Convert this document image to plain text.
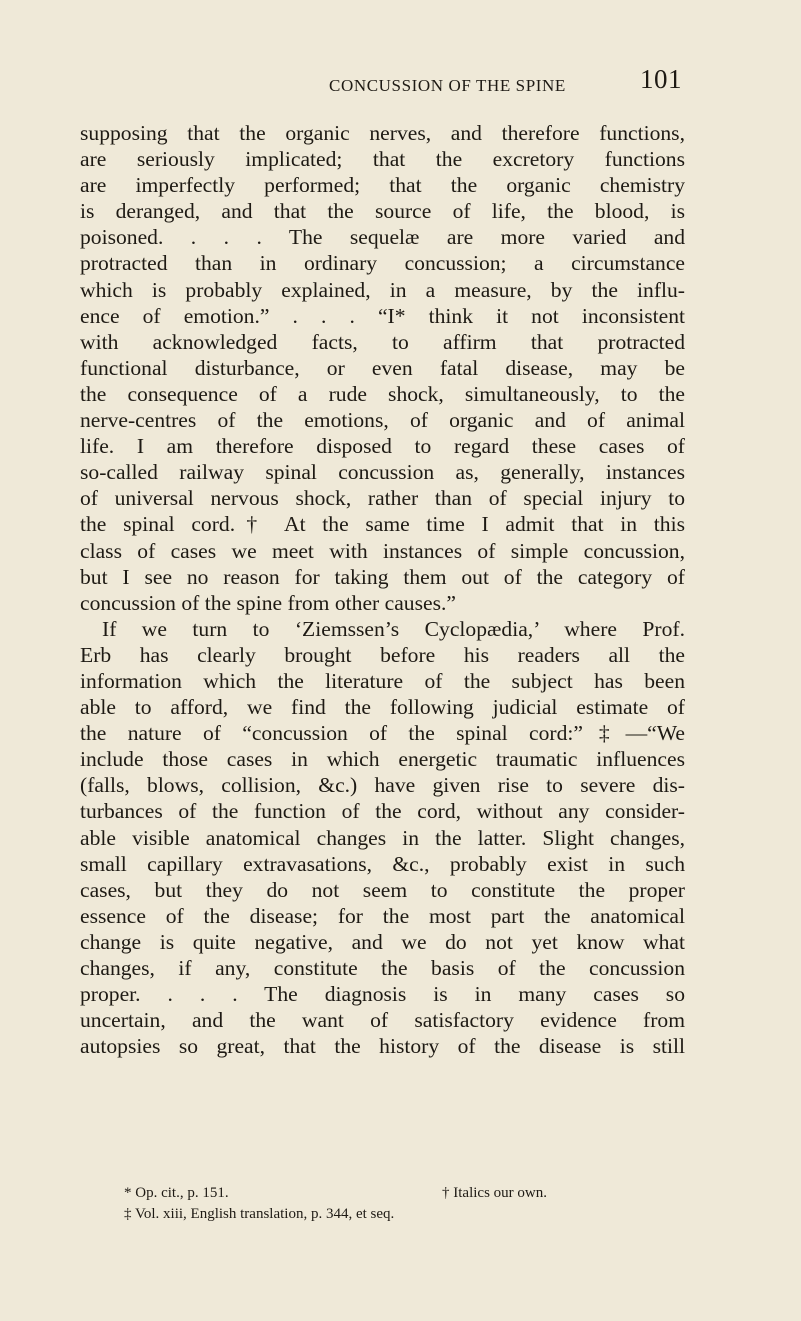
CONCUSSION OF THE SPINE	101
supposing that the organic nerves, and therefore functions,
are seriously implicated; that the excretory functions
are imperfectly performed; that the organic chemistry
is deranged, and that the source of life, the blood, is
poisoned. . . . The sequelæ are more varied and
protracted than in ordinary concussion; a circumstance
which is probably explained, in a measure, by the influ-
ence of emotion.” . . . “I* think it not inconsistent
with acknowledged facts, to affirm that protracted
functional disturbance, or even fatal disease, may be
the consequence of a rude shock, simultaneously, to the
nerve-centres of the emotions, of organic and of animal
life. I am therefore disposed to regard these cases of
so-called railway spinal concussion as, generally, instances
of universal nervous shock, rather than of special injury to
the spinal cord.† At the same time I admit that in this
class of cases we meet with instances of simple concussion,
but I see no reason for taking them out of the category of
concussion of the spine from other causes.”
If we turn to ‘Ziemssen’s Cyclopædia,’ where Prof.
Erb has clearly brought before his readers all the
information which the literature of the subject has been
able to afford, we find the following judicial estimate of
the nature of “concussion of the spinal cord:”‡—“We
include those cases in which energetic traumatic influences
(falls, blows, collision, &c.) have given rise to severe dis-
turbances of the function of the cord, without any consider-
able visible anatomical changes in the latter. Slight changes,
small capillary extravasations, &c., probably exist in such
cases, but they do not seem to constitute the proper
essence of the disease; for the most part the anatomical
change is quite negative, and we do not yet know what
changes, if any, constitute the basis of the concussion
proper. . . . The diagnosis is in many cases so
uncertain, and the want of satisfactory evidence from
autopsies so great, that the history of the disease is still
* Op. cit., p. 151.	† Italics our own.
‡ Vol. xiii, English translation, p. 344, et seq.
